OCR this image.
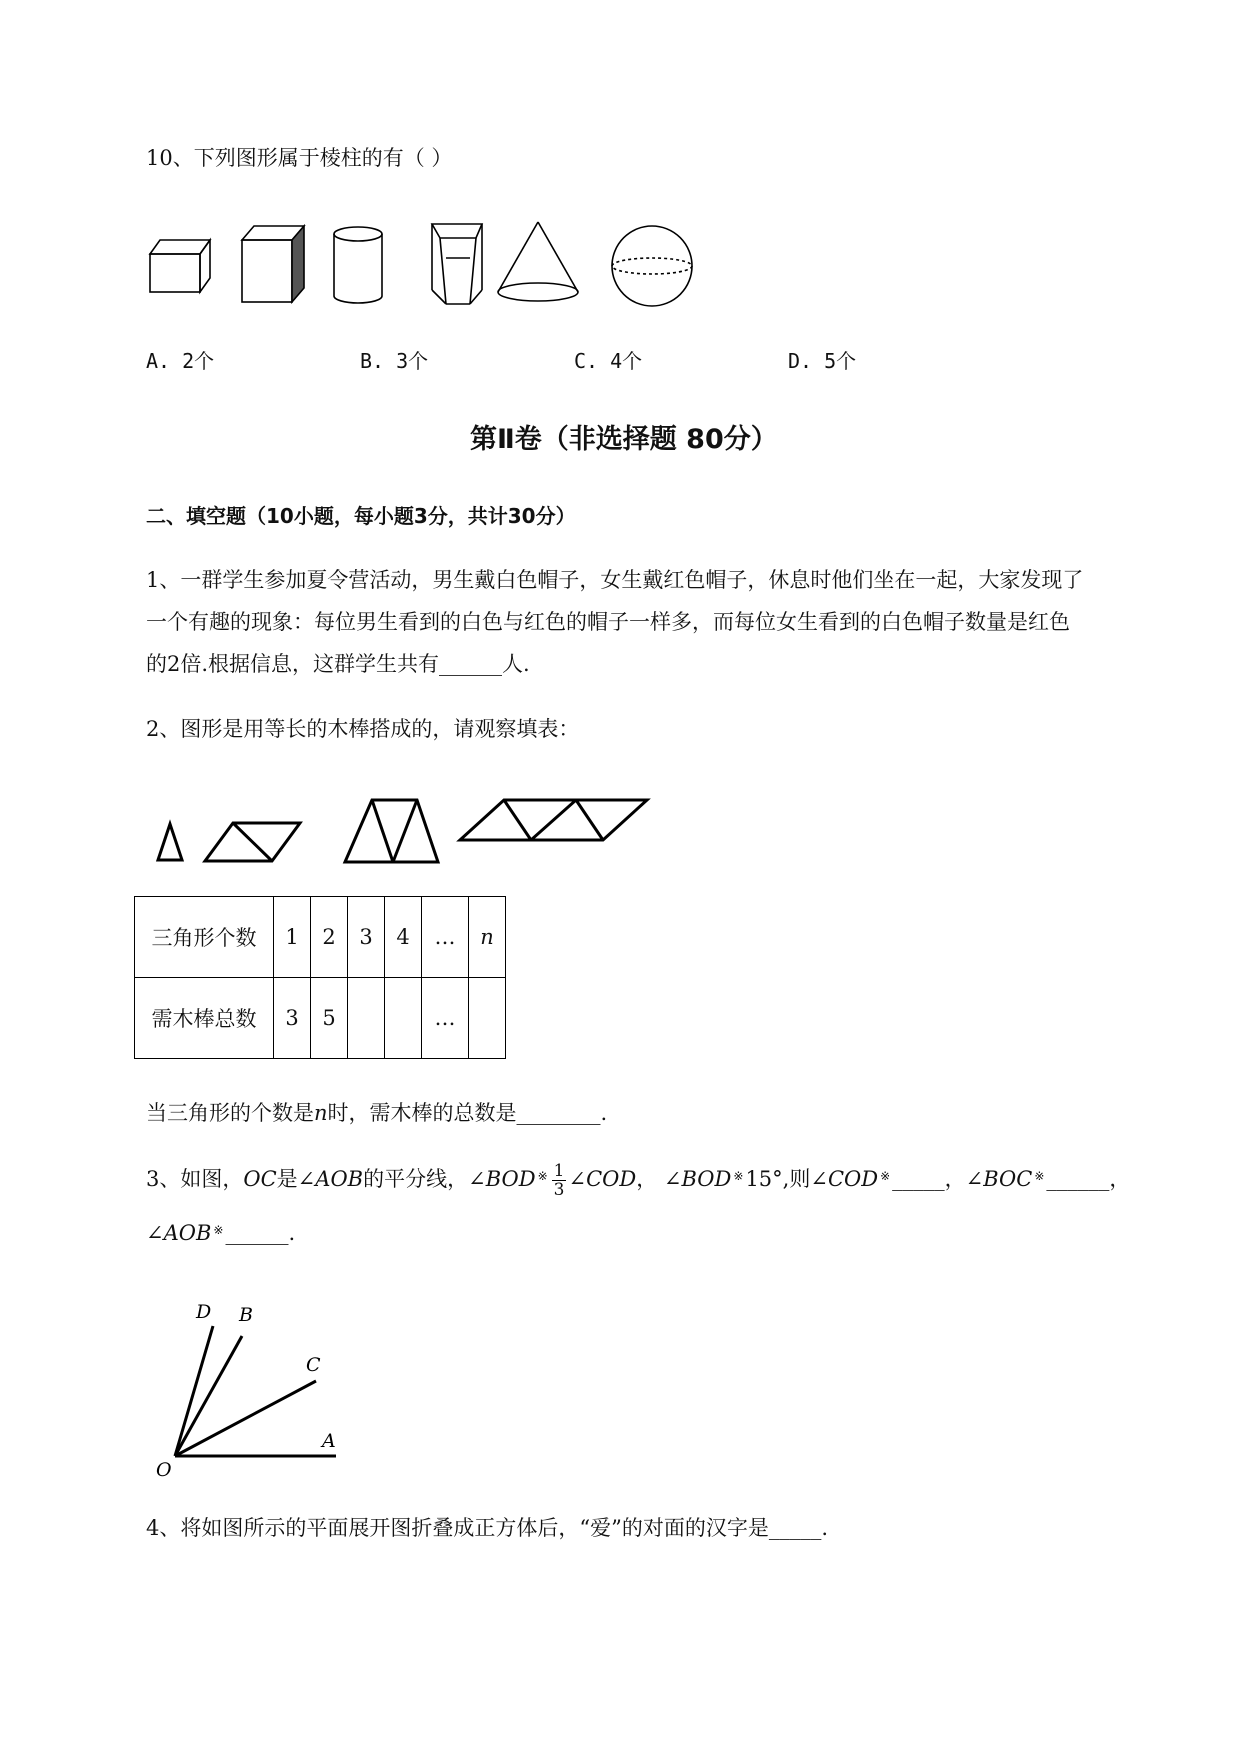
10、下列图形属于棱柱的有（ ）
A. 2个	B. 3个	C. 4个	D. 5个
第Ⅱ卷（非选择题 80分）
二、填空题（10小题，每小题3分，共计30分）
1、一群学生参加夏令营活动，男生戴白色帽子，女生戴红色帽子，休息时他们坐在一起，大家发现了
一个有趣的现象：每位男生看到的白色与红色的帽子一样多，而每位女生看到的白色帽子数量是红色
的2倍.根据信息，这群学生共有______人.
2、图形是用等长的木棒搭成的，请观察填表：
三角形个数	1	2	3	4	…	n
需木棒总数	3	5			…	
当三角形的个数是n时，需木棒的总数是________.
3、如图，OC是∠AOB的平分线，∠BOD $^※ \frac{1}{3}$ ∠COD， ∠BOD ※15°,则∠COD ※_____，∠BOC ※______，
∠AOB ※______.
D B
C
A
O
4、将如图所示的平面展开图折叠成正方体后，“爱”的对面的汉字是_____.
